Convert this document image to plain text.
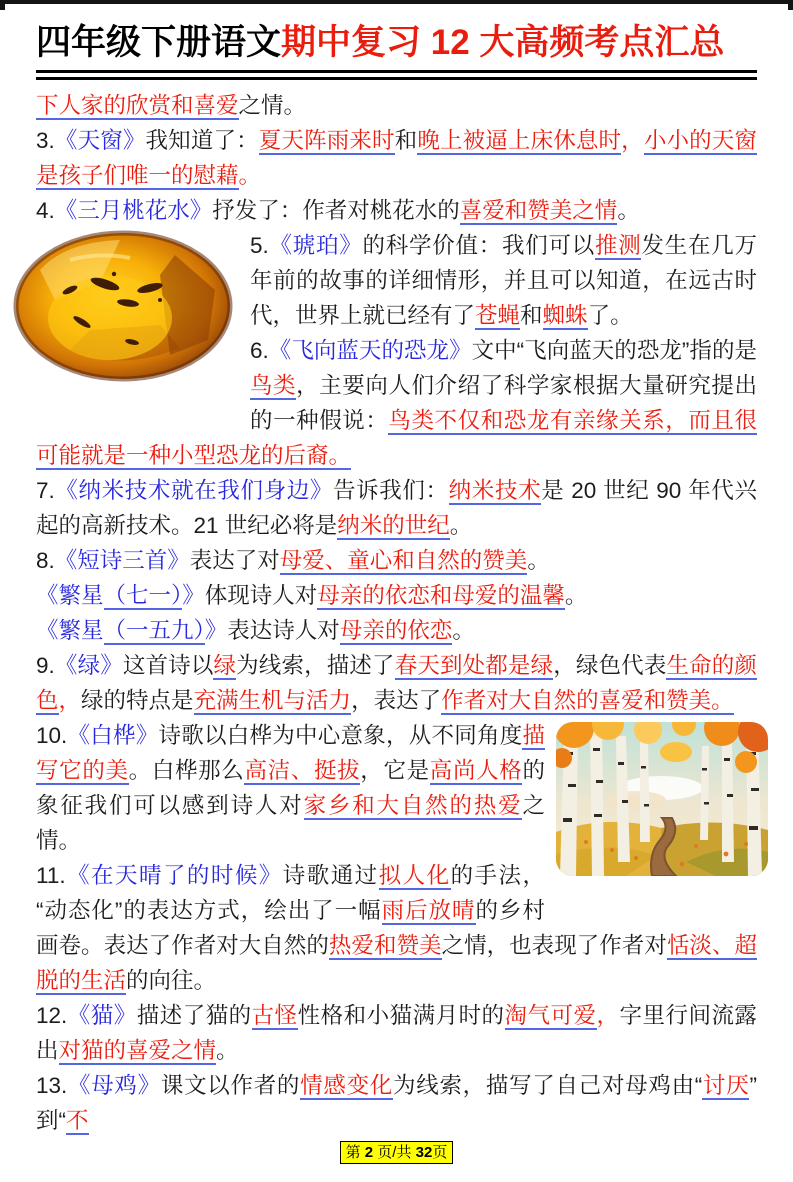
四年级下册语文期中复习 12 大高频考点汇总

下人家的欣赏和喜爱之情。

3.《天窗》我知道了：夏天阵雨来时和晚上被逼上床休息时，小小的天窗是孩子们唯一的慰藉。

4.《三月桃花水》抒发了：作者对桃花水的喜爱和赞美之情。

5.《琥珀》的科学价值：我们可以推测发生在几万年前的故事的详细情形，并且可以知道，在远古时代，世界上就已经有了苍蝇和蜘蛛了。

6.《飞向蓝天的恐龙》文中“飞向蓝天的恐龙”指的是鸟类，主要向人们介绍了科学家根据大量研究提出的一种假说：鸟类不仅和恐龙有亲缘关系，而且很可能就是一种小型恐龙的后裔。

7.《纳米技术就在我们身边》告诉我们：纳米技术是 20 世纪 90 年代兴起的高新技术。21 世纪必将是纳米的世纪。

8.《短诗三首》表达了对母爱、童心和自然的赞美。

《繁星（七一）》体现诗人对母亲的依恋和母爱的温馨。

《繁星（一五九）》表达诗人对母亲的依恋。

9.《绿》这首诗以绿为线索，描述了春天到处都是绿，绿色代表生命的颜色，绿的特点是充满生机与活力，表达了作者对大自然的喜爱和赞美。

10.《白桦》诗歌以白桦为中心意象，从不同角度描写它的美。白桦那么高洁、挺拔，它是高尚人格的象征我们可以感到诗人对家乡和大自然的热爱之情。

11.《在天晴了的时候》诗歌通过拟人化的手法，“动态化”的表达方式，绘出了一幅雨后放晴的乡村画卷。表达了作者对大自然的热爱和赞美之情，也表现了作者对恬淡、超脱的生活的向往。

12.《猫》描述了猫的古怪性格和小猫满月时的淘气可爱，字里行间流露出对猫的喜爱之情。

13.《母鸡》课文以作者的情感变化为线索，描写了自己对母鸡由“讨厌”到“不

第 2 页/共 32页
